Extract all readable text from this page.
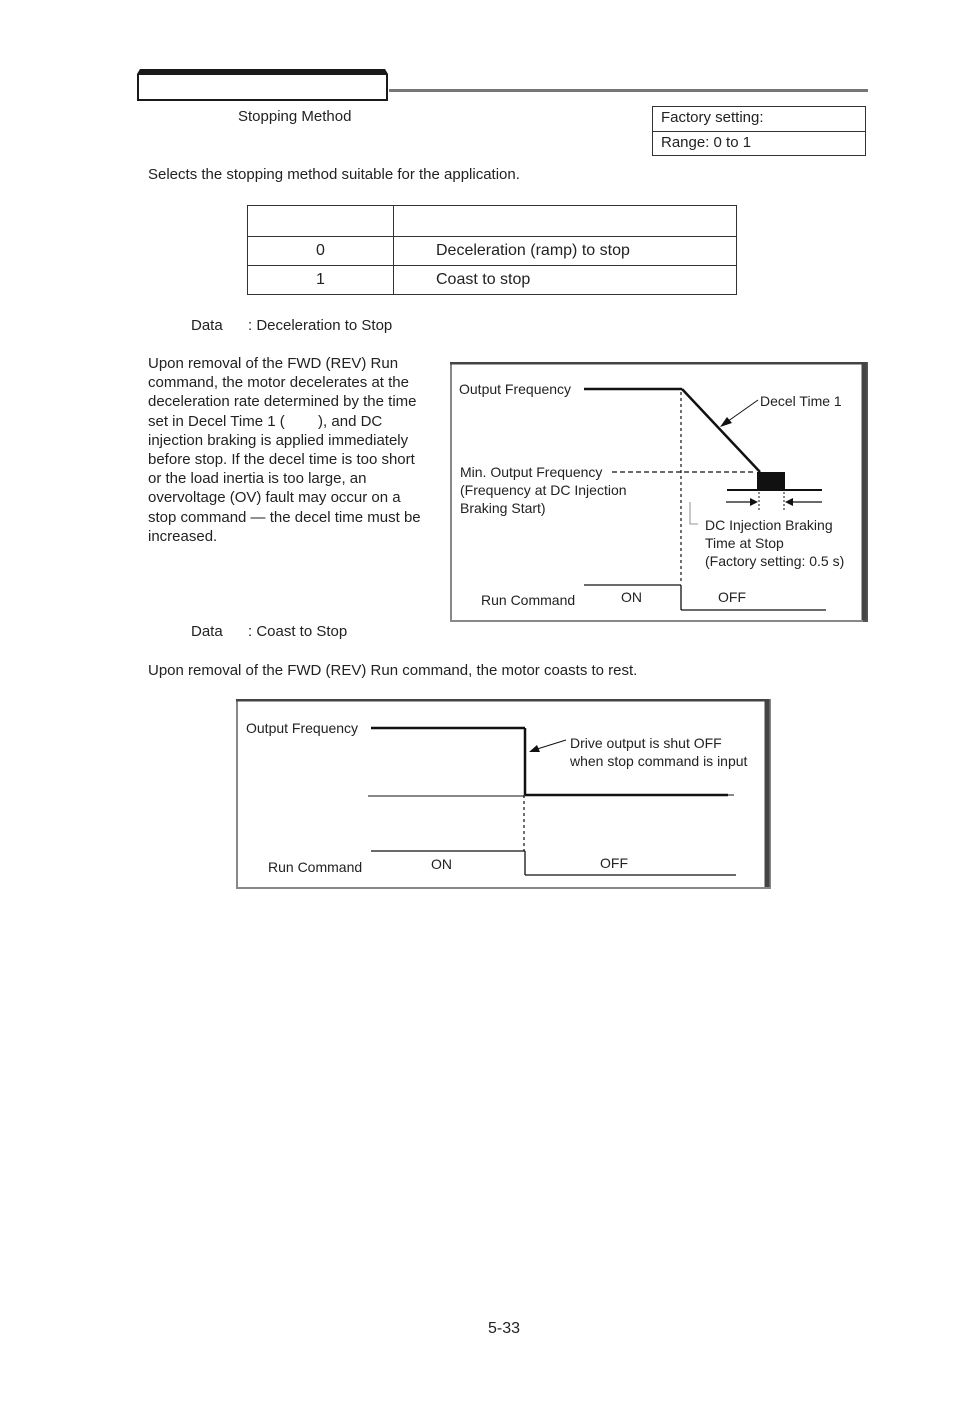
Stopping Method	Factory setting:
Range: 0 to 1
Selects the stopping method suitable for the application.

0	Deceleration (ramp) to stop
1	Coast to stop
Data : Deceleration to Stop
Upon removal of the FWD (REV) Run
command, the motor decelerates at the
deceleration rate determined by the time
set in Decel Time 1 (        ), and DC
injection braking is applied immediately
before stop. If the decel time is too short
or the load inertia is too large, an
overvoltage (OV) fault may occur on a
stop command — the decel time must be
increased.
Output Frequency
Decel Time 1
Min. Output Frequency
(Frequency at DC Injection
Braking Start)
DC Injection Braking
Time at Stop
(Factory setting: 0.5 s)
Run Command	ON	OFF
Data : Coast to Stop
Upon removal of the FWD (REV) Run command, the motor coasts to rest.
Output Frequency
Drive output is shut OFF
when stop command is input
Run Command	ON	OFF
5-33
